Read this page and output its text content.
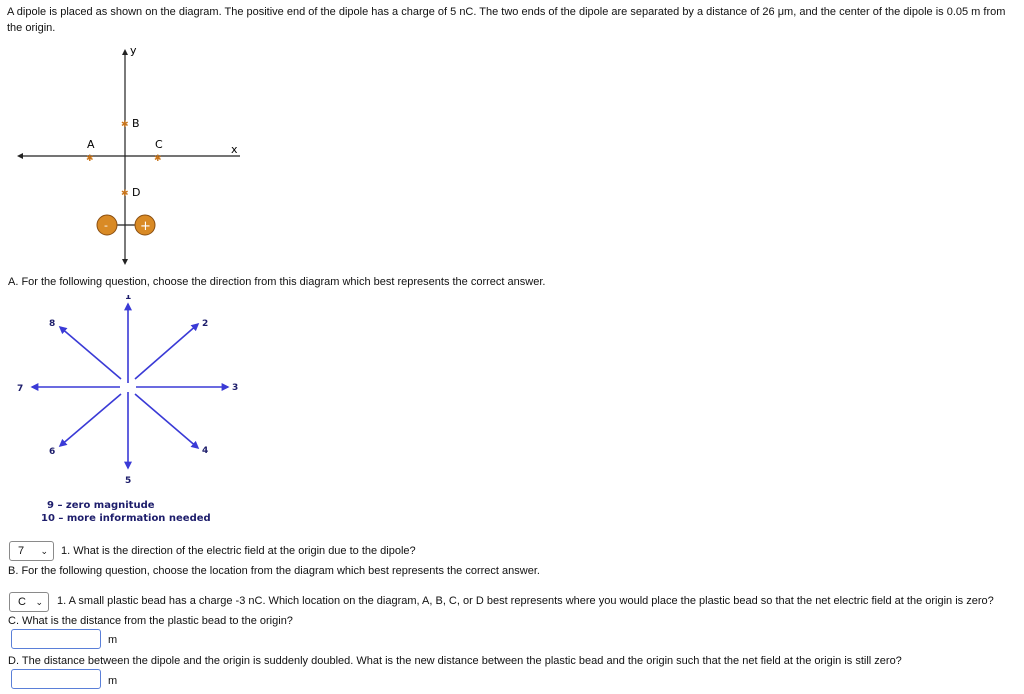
A dipole is placed as shown on the diagram. The positive end of the dipole has a charge of 5 nC. The two ends of the dipole are separated by a distance of 26 μm, and the center of the dipole is 0.05 m from the origin.
y
x
✱ B
A
✱
C
✱
✱ D
- +
A. For the following question, choose the direction from this diagram which best represents the correct answer.
1
2
3
4
5
6
7
8
9 – zero magnitude
10 – more information needed
7 ⌄ 1. What is the direction of the electric field at the origin due to the dipole?
B. For the following question, choose the location from the diagram which best represents the correct answer.
C ⌄ 1. A small plastic bead has a charge -3 nC. Which location on the diagram, A, B, C, or D best represents where you would place the plastic bead so that the net electric field at the origin is zero?
C. What is the distance from the plastic bead to the origin?
m
D. The distance between the dipole and the origin is suddenly doubled. What is the new distance between the plastic bead and the origin such that the net field at the origin is still zero?
m
